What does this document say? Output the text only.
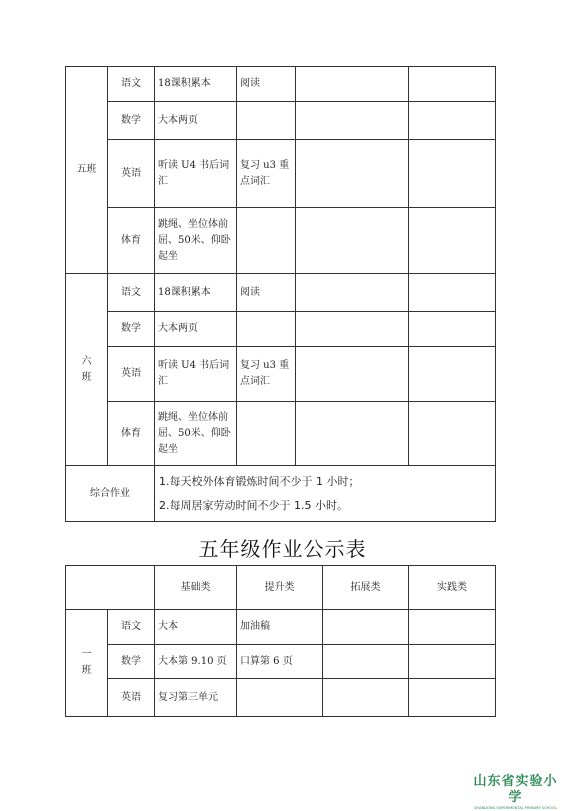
五班	语文	18课积累本	阅读		
	数学	大本两页			
	英语	听读 U4 书后词汇	复习 u3 重点词汇		
	体育	跳绳、坐位体前屈、50米、仰卧起坐			
六
班	语文	18课积累本	阅读		
	数学	大本两页			
	英语	听读 U4 书后词汇	复习 u3 重点词汇		
	体育	跳绳、坐位体前屈、50米、仰卧起坐			
综合作业		1.每天校外体育锻炼时间不少于 1 小时；
2.每周居家劳动时间不少于 1.5 小时。			
五年级作业公示表
		基础类	提升类	拓展类	实践类
一
班	语文	大本	加油稿		
	数学	大本第 9.10 页	口算第 6 页		
	英语	复习第三单元			
山东省实验小学
SHANDONG EXPERIMENTAL PRIMARY SCHOOL
